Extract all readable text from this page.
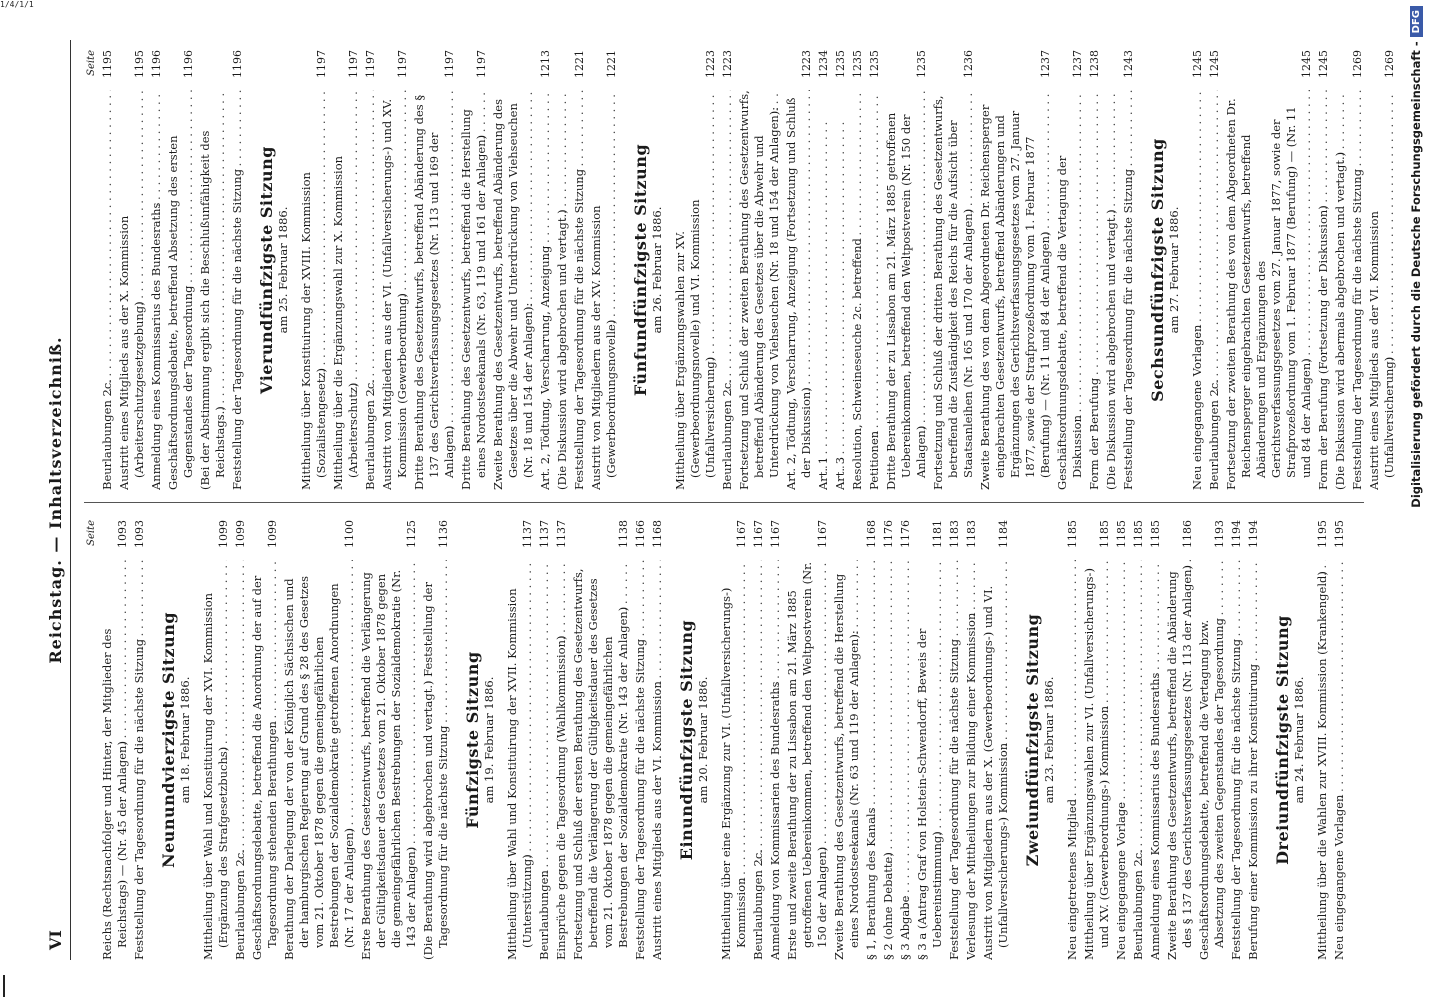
1/4/1/1
VI
Reichstag. — Inhaltsverzeichniß. Seite
Reichs (Rechtsnachfolger und Hinter, der Mitglieder des Reichstags) — (Nr. 45 der Anlagen) . . .
1093
Feststellung der Tagesordnung für die nächste Sitzung . . .
1093
Neunundvierzigste Sitzung am 18. Februar 1886. Mittheilung über Wahl und Konstituirung der XVI. Kommission (Ergänzung des Strafgesetzbuchs) . . .
1099
Beurlaubungen 2c. . . .
1099
Geschäftsordnungsdebatte, betreffend die Anordnung der auf der Tagesordnung stehenden Berathungen . . .
1099
Berathung der Darlegung der von der Königlich Sächsischen und der hamburgischen Regierung auf Grund des § 28 des Gesetzes vom 21. Oktober 1878 gegen die gemeingefährlichen Bestrebungen der Sozialdemokratie getroffenen Anordnungen (Nr. 17 der Anlagen) . . .
1100
Erste Berathung des Gesetzentwurfs, betreffend die Verlängerung der Gültigkeitsdauer des Gesetzes vom 21. Oktober 1878 gegen die gemeingefährlichen Bestrebungen der Sozialdemokratie (Nr. 143 der Anlagen) . . .
1125
(Die Berathung wird abgebrochen und vertagt.) Feststellung der Tagesordnung für die nächste Sitzung . . .
1136
Fünfzigste Sitzung am 19. Februar 1886. Mittheilung über Wahl und Konstituirung der XVII. Kommission (Unterstützung) . . .
1137
Beurlaubungen . . .
1137
Einsprüche gegen die Tagesordnung (Wahlkommission) . . .
1137
Fortsetzung und Schluß der ersten Berathung des Gesetzentwurfs, betreffend die Verlängerung der Gültigkeitsdauer des Gesetzes vom 21. Oktober 1878 gegen die gemeingefährlichen Bestrebungen der Sozialdemokratie (Nr. 143 der Anlagen) . . .
1138
Feststellung der Tagesordnung für die nächste Sitzung . . .
1166
Austritt eines Mitglieds aus der VI. Kommission . . .
1168
Einundfünfzigste Sitzung am 20. Februar 1886. Mittheilung über eine Ergänzung zur VI. (Unfallversicherungs-) Kommission . . .
1167
Beurlaubungen 2c. . . .
1167
Anmeldung von Kommissarien des Bundesraths . . .
1167
Erste und zweite Berathung der zu Lissabon am 21. März 1885 getroffenen Uebereinkommen, betreffend den Weltpostverein (Nr. 150 der Anlagen) . . .
1167
Zweite Berathung des Gesetzentwurfs, betreffend die Herstellung eines Nordostseekanals (Nr. 63 und 119 der Anlagen): . . . § 1, Berathung des Kanals . . .
1168
§ 2 (ohne Debatte) . . .
1176
§ 3 Abgabe . . .
1176
§ 3 a (Antrag Graf von Holstein-Schwendorff, Beweis der Uebereinstimmung) . . .
1181
Feststellung der Tagesordnung für die nächste Sitzung . . .
1183
Verlesung der Mittheilungen zur Bildung einer Kommission . . .
1183
Austritt von Mitgliedern aus der X. (Gewerbeordnungs-) und VI. (Unfallversicherungs-) Kommission . . .
1184
Zweiundfünfzigste Sitzung am 23. Februar 1886.
Neu eingetretenes Mitglied . . .
1185
Mittheilung über Ergänzungswahlen zur VI. (Unfallversicherungs-) und XV. (Gewerbeordnungs-) Kommission . . .
1185
Neu eingegangene Vorlage . . .
1185
Beurlaubungen 2c. . . .
1185
Anmeldung eines Kommissarius des Bundesraths . . .
1185
Zweite Berathung des Gesetzentwurfs, betreffend die Abänderung des § 137 des Gerichtsverfassungsgesetzes (Nr. 113 der Anlagen) . . .
1186
Geschäftsordnungsdebatte, betreffend die Vertagung bzw. Absetzung des zweiten Gegenstandes der Tagesordnung . . .
1193
Feststellung der Tagesordnung für die nächste Sitzung . . .
1194
Berufung einer Kommission zu ihrer Konstituirung . . .
1194
Dreiundfünfzigste Sitzung am 24. Februar 1886. Mittheilung über die Wahlen zur XVIII. Kommission (Krankengeld) . . .
1195
Neu eingegangene Vorlagen . . .
1195
Seite
Beurlaubungen 2c. . . .
1195
Austritt eines Mitglieds aus der X. Kommission (Arbeiterschutzgesetzgebung) . . .
1195
Anmeldung eines Kommissarius des Bundesraths . . .
1196
Geschäftsordnungsdebatte, betreffend Absetzung des ersten Gegenstandes der Tagesordnung . . .
1196
(Bei der Abstimmung ergibt sich die Beschlußunfähigkeit des Reichstags.) . . . Feststellung der Tagesordnung für die nächste Sitzung . . .
1196
Vierundfünfzigste Sitzung am 25. Februar 1886. Mittheilung über Konstituirung der XVIII. Kommission (Sozialistengesetz) . . .
1197
Mittheilung über die Ergänzungswahl zur X. Kommission (Arbeiterschutz) . . .
1197
Beurlaubungen 2c. . . .
1197
Austritt von Mitgliedern aus der VI. (Unfallversicherungs-) und XV. Kommission (Gewerbeordnung) . . .
1197
Dritte Berathung des Gesetzentwurfs, betreffend Abänderung des § 137 des Gerichtsverfassungsgesetzes (Nr. 113 und 169 der Anlagen) . . .
1197
Dritte Berathung des Gesetzentwurfs, betreffend die Herstellung eines Nordostseekanals (Nr. 63, 119 und 161 der Anlagen) . . .
1197
Zweite Berathung des Gesetzentwurfs, betreffend Abänderung des Gesetzes über die Abwehr und Unterdrückung von Viehseuchen (Nr. 18 und 154 der Anlagen): . . . Art. 2, Tödtung, Verscharrung, Anzeigung . . .
1213
(Die Diskussion wird abgebrochen und vertagt.) . . . Feststellung der Tagesordnung für die nächste Sitzung . . .
1221
Austritt von Mitgliedern aus der XV. Kommission (Gewerbeordnungsnovelle) . . .
1221
Fünfundfünfzigste Sitzung am 26. Februar 1886. Mittheilung über Ergänzungswahlen zur XV. (Gewerbeordnungsnovelle) und VI. Kommission (Unfallversicherung) . . .
1223
Beurlaubungen 2c. . . .
1223
Fortsetzung und Schluß der zweiten Berathung des Gesetzentwurfs, betreffend Abänderung des Gesetzes über die Abwehr und Unterdrückung von Viehseuchen (Nr. 18 und 154 der Anlagen): . . . Art. 2, Tödtung, Verscharrung, Anzeigung (Fortsetzung und Schluß der Diskussion) . . .
1223
Art. 1 . . .
1234
Art. 3 . . .
1235
Resolution, Schweineseuche 2c. betreffend . . .
1235
Petitionen . . .
1235
Dritte Berathung der zu Lissabon am 21. März 1885 getroffenen Uebereinkommen, betreffend den Weltpostverein (Nr. 150 der Anlagen) . . .
1235
Fortsetzung und Schluß der dritten Berathung des Gesetzentwurfs, betreffend die Zuständigkeit des Reichs für die Aufsicht über Staatsanleihen (Nr. 165 und 170 der Anlagen) . . .
1236
Zweite Berathung des von dem Abgeordneten Dr. Reichensperger eingebrachten Gesetzentwurfs, betreffend Abänderungen und Ergänzungen des Gerichtsverfassungsgesetzes vom 27. Januar 1877, sowie der Strafprozeßordnung vom 1. Februar 1877 (Berufung) — (Nr. 11 und 84 der Anlagen) . . .
1237
Geschäftsordnungsdebatte, betreffend die Vertagung der Diskussion . . .
1237
Form der Berufung . . .
1238
(Die Diskussion wird abgebrochen und vertagt.) . . . Feststellung der Tagesordnung für die nächste Sitzung . . .
1243
Sechsundfünfzigste Sitzung am 27. Februar 1886.
Neu eingegangene Vorlagen . . .
1245
Beurlaubungen 2c. . . .
1245
Fortsetzung der zweiten Berathung des von dem Abgeordneten Dr. Reichensperger eingebrachten Gesetzentwurfs, betreffend Abänderungen und Ergänzungen des Gerichtsverfassungsgesetzes vom 27. Januar 1877, sowie der Strafprozeßordnung vom 1. Februar 1877 (Berufung) — (Nr. 11 und 84 der Anlagen) . . .
1245
Form der Berufung (Fortsetzung der Diskussion) . . .
1245
(Die Diskussion wird abermals abgebrochen und vertagt.) . . . Feststellung der Tagesordnung für die nächste Sitzung . . .
1269
Austritt eines Mitglieds aus der VI. Kommission (Unfallversicherung) . . .
1269 Digitalisierung gefördert durch die Deutsche Forschungsgemeinschaft -
DFG
